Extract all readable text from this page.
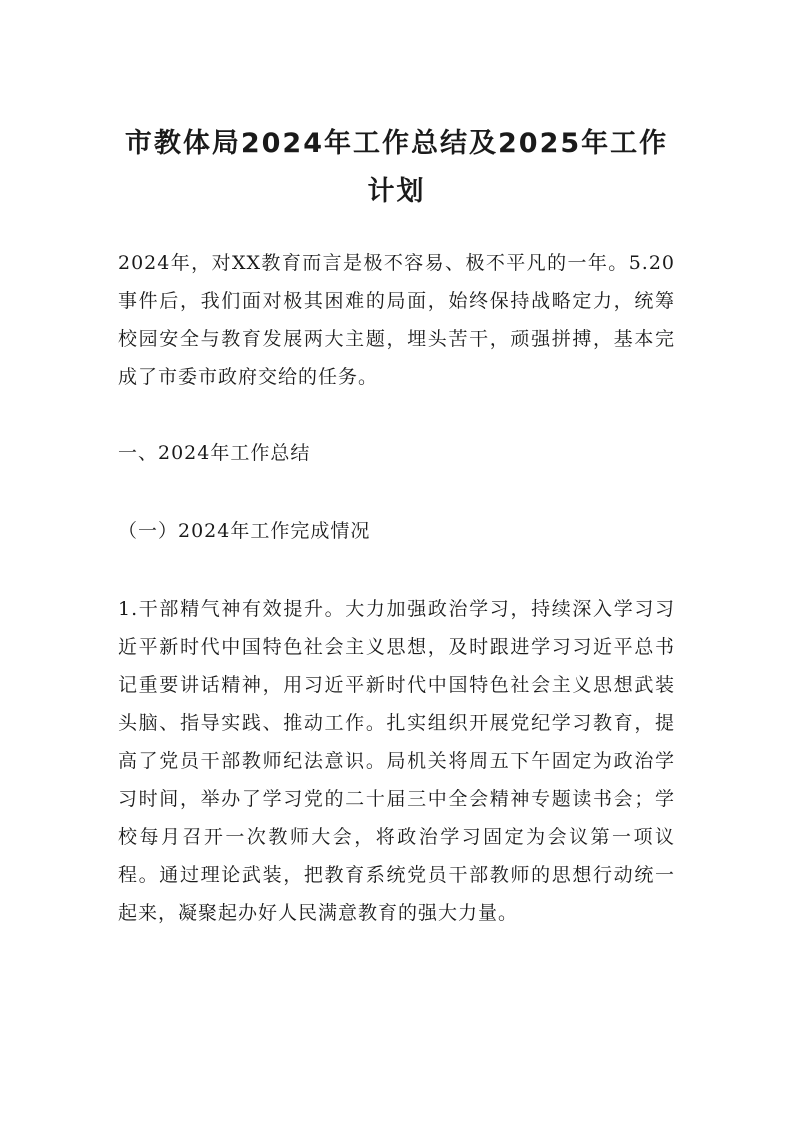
市教体局2024年工作总结及2025年工作计划

2024年，对XX教育而言是极不容易、极不平凡的一年。5.20事件后，我们面对极其困难的局面，始终保持战略定力，统筹校园安全与教育发展两大主题，埋头苦干，顽强拼搏，基本完成了市委市政府交给的任务。

一、2024年工作总结

（一）2024年工作完成情况

1.干部精气神有效提升。大力加强政治学习，持续深入学习习近平新时代中国特色社会主义思想，及时跟进学习习近平总书记重要讲话精神，用习近平新时代中国特色社会主义思想武装头脑、指导实践、推动工作。扎实组织开展党纪学习教育，提高了党员干部教师纪法意识。局机关将周五下午固定为政治学习时间，举办了学习党的二十届三中全会精神专题读书会；学校每月召开一次教师大会，将政治学习固定为会议第一项议程。通过理论武装，把教育系统党员干部教师的思想行动统一起来，凝聚起办好人民满意教育的强大力量。
